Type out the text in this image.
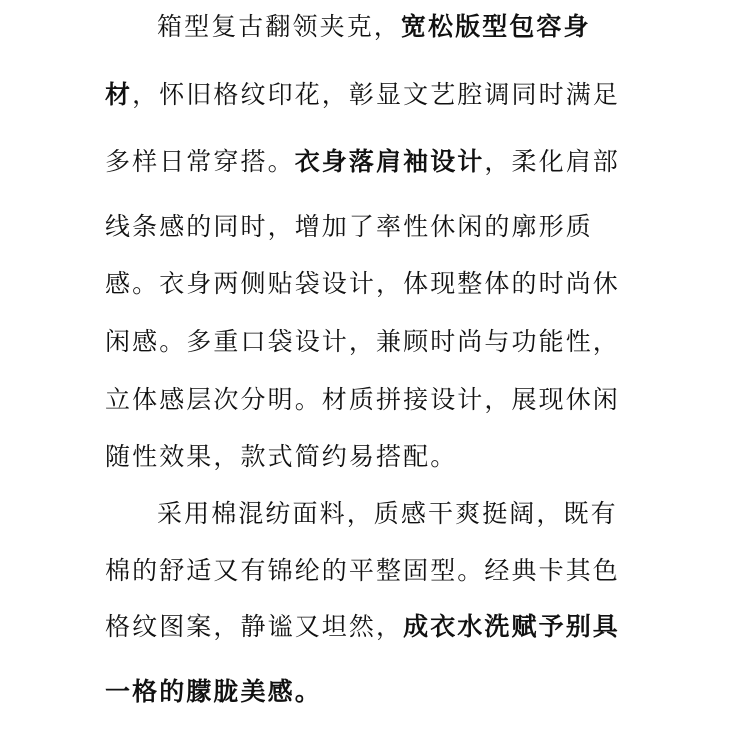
箱型复古翻领夹克，宽松版型包容身
材，怀旧格纹印花，彰显文艺腔调同时满足
多样日常穿搭。衣身落肩袖设计，柔化肩部
线条感的同时，增加了率性休闲的廓形质
感。衣身两侧贴袋设计，体现整体的时尚休
闲感。多重口袋设计，兼顾时尚与功能性，
立体感层次分明。材质拼接设计，展现休闲
随性效果，款式简约易搭配。
采用棉混纺面料，质感干爽挺阔，既有
棉的舒适又有锦纶的平整固型。经典卡其色
格纹图案，静谧又坦然，成衣水洗赋予别具
一格的朦胧美感。
